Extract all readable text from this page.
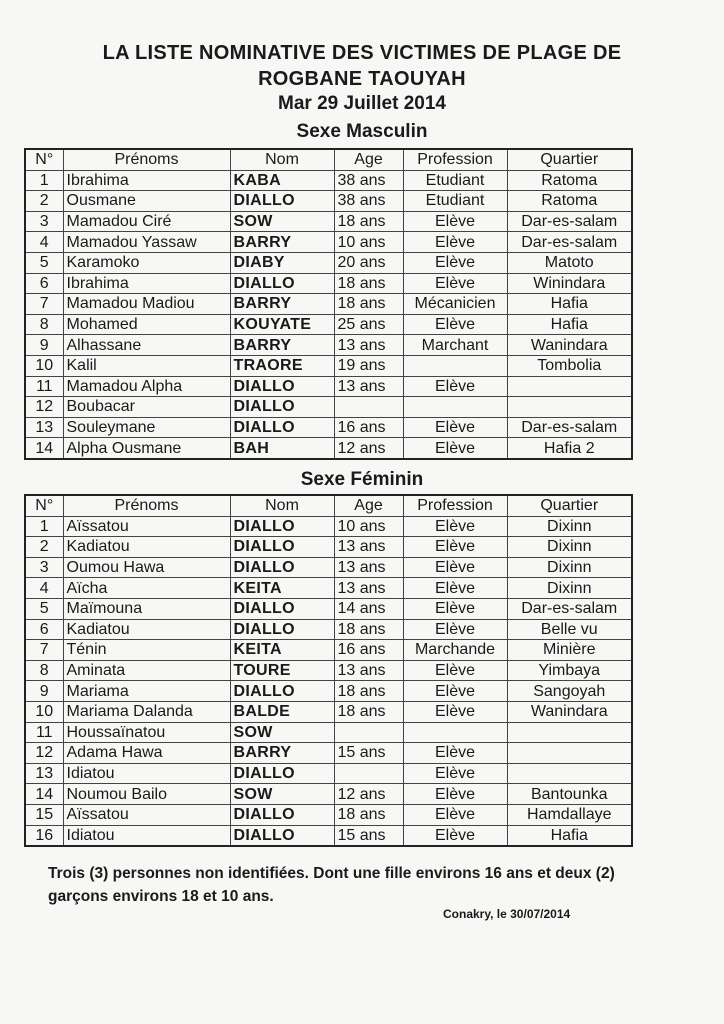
LA LISTE NOMINATIVE DES VICTIMES DE PLAGE DE
ROGBANE TAOUYAH
Mar 29 Juillet 2014
Sexe Masculin
N°	Prénoms	Nom	Age	Profession	Quartier
1	Ibrahima	KABA	38 ans	Etudiant	Ratoma
2	Ousmane	DIALLO	38 ans	Etudiant	Ratoma
3	Mamadou Ciré	SOW	18 ans	Elève	Dar-es-salam
4	Mamadou Yassaw	BARRY	10 ans	Elève	Dar-es-salam
5	Karamoko	DIABY	20 ans	Elève	Matoto
6	Ibrahima	DIALLO	18 ans	Elève	Winindara
7	Mamadou Madiou	BARRY	18 ans	Mécanicien	Hafia
8	Mohamed	KOUYATE	25 ans	Elève	Hafia
9	Alhassane	BARRY	13 ans	Marchant	Wanindara
10	Kalil	TRAORE	19 ans		Tombolia
11	Mamadou Alpha	DIALLO	13 ans	Elève	
12	Boubacar	DIALLO			
13	Souleymane	DIALLO	16 ans	Elève	Dar-es-salam
14	Alpha Ousmane	BAH	12 ans	Elève	Hafia 2
Sexe Féminin
N°	Prénoms	Nom	Age	Profession	Quartier
1	Aïssatou	DIALLO	10 ans	Elève	Dixinn
2	Kadiatou	DIALLO	13 ans	Elève	Dixinn
3	Oumou Hawa	DIALLO	13 ans	Elève	Dixinn
4	Aïcha	KEITA	13 ans	Elève	Dixinn
5	Maïmouna	DIALLO	14 ans	Elève	Dar-es-salam
6	Kadiatou	DIALLO	18 ans	Elève	Belle vu
7	Ténin	KEITA	16 ans	Marchande	Minière
8	Aminata	TOURE	13 ans	Elève	Yimbaya
9	Mariama	DIALLO	18 ans	Elève	Sangoyah
10	Mariama Dalanda	BALDE	18 ans	Elève	Wanindara
11	Houssaïnatou	SOW			
12	Adama Hawa	BARRY	15 ans	Elève	
13	Idiatou	DIALLO		Elève	
14	Noumou Bailo	SOW	12 ans	Elève	Bantounka
15	Aïssatou	DIALLO	18 ans	Elève	Hamdallaye
16	Idiatou	DIALLO	15 ans	Elève	Hafia
Trois (3) personnes non identifiées. Dont une fille environs 16 ans et deux (2) garçons environs 18 et 10 ans.
Conakry, le 30/07/2014
